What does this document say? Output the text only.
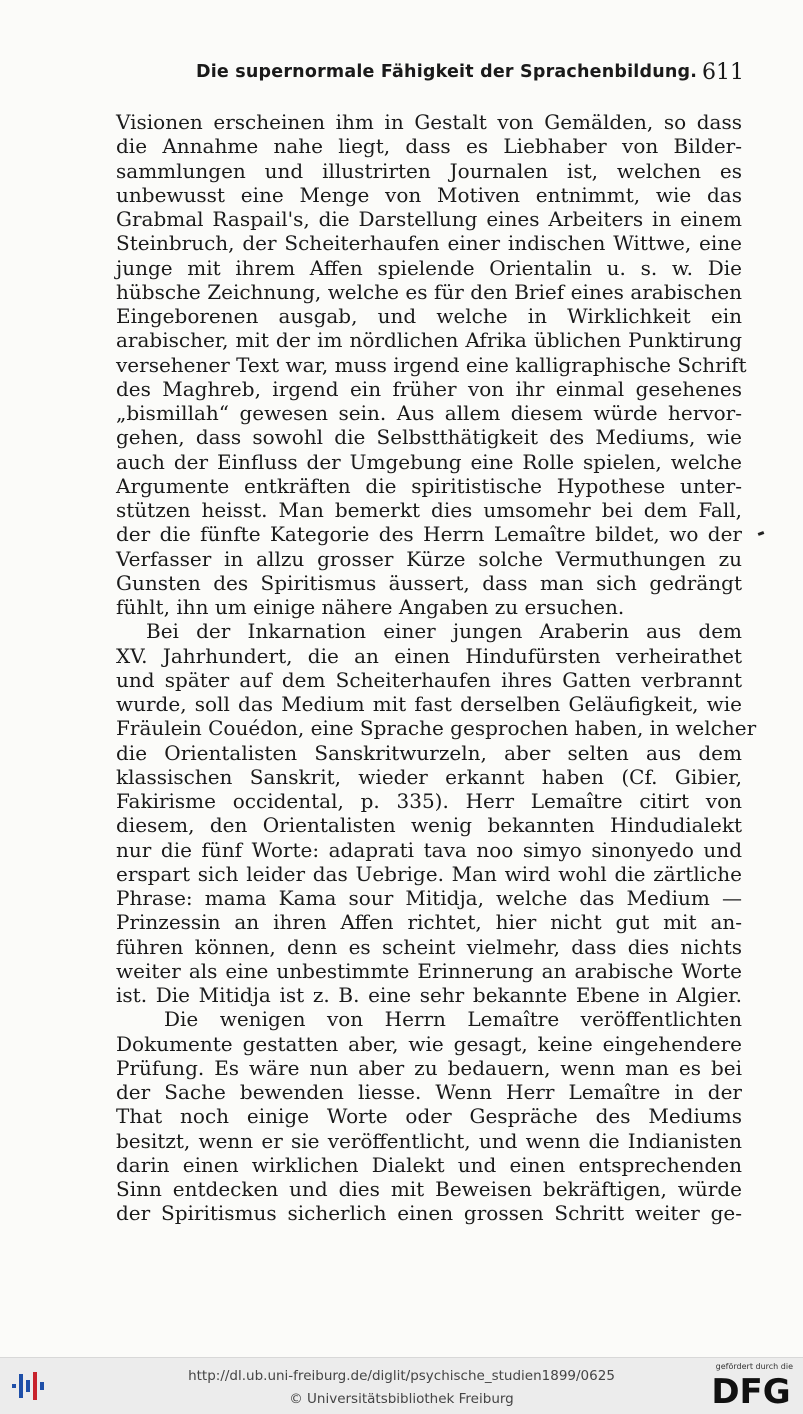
Die supernormale Fähigkeit der Sprachenbildung. 611
Visionen erscheinen ihm in Gestalt von Gemälden, so dass
die Annahme nahe liegt, dass es Liebhaber von Bilder-
sammlungen und illustrirten Journalen ist, welchen es
unbewusst eine Menge von Motiven entnimmt, wie das
Grabmal Raspail's, die Darstellung eines Arbeiters in einem
Steinbruch, der Scheiterhaufen einer indischen Wittwe, eine
junge mit ihrem Affen spielende Orientalin u. s. w. Die
hübsche Zeichnung, welche es für den Brief eines arabischen
Eingeborenen ausgab, und welche in Wirklichkeit ein
arabischer, mit der im nördlichen Afrika üblichen Punktirung
versehener Text war, muss irgend eine kalligraphische Schrift
des Maghreb, irgend ein früher von ihr einmal gesehenes
„bismillah“ gewesen sein. Aus allem diesem würde hervor-
gehen, dass sowohl die Selbstthätigkeit des Mediums, wie
auch der Einfluss der Umgebung eine Rolle spielen, welche
Argumente entkräften die spiritistische Hypothese unter-
stützen heisst. Man bemerkt dies umsomehr bei dem Fall,
der die fünfte Kategorie des Herrn Lemaître bildet, wo der
Verfasser in allzu grosser Kürze solche Vermuthungen zu
Gunsten des Spiritismus äussert, dass man sich gedrängt
fühlt, ihn um einige nähere Angaben zu ersuchen.
Bei der Inkarnation einer jungen Araberin aus dem
XV. Jahrhundert, die an einen Hindufürsten verheirathet
und später auf dem Scheiterhaufen ihres Gatten verbrannt
wurde, soll das Medium mit fast derselben Geläufigkeit, wie
Fräulein Couédon, eine Sprache gesprochen haben, in welcher
die Orientalisten Sanskritwurzeln, aber selten aus dem
klassischen Sanskrit, wieder erkannt haben (Cf. Gibier,
Fakirisme occidental, p. 335). Herr Lemaître citirt von
diesem, den Orientalisten wenig bekannten Hindudialekt
nur die fünf Worte: adaprati tava noo simyo sinonyedo und
erspart sich leider das Uebrige. Man wird wohl die zärtliche
Phrase: mama Kama sour Mitidja, welche das Medium —
Prinzessin an ihren Affen richtet, hier nicht gut mit an-
führen können, denn es scheint vielmehr, dass dies nichts
weiter als eine unbestimmte Erinnerung an arabische Worte
ist. Die Mitidja ist z. B. eine sehr bekannte Ebene in Algier.
Die wenigen von Herrn Lemaître veröffentlichten
Dokumente gestatten aber, wie gesagt, keine eingehendere
Prüfung. Es wäre nun aber zu bedauern, wenn man es bei
der Sache bewenden liesse. Wenn Herr Lemaître in der
That noch einige Worte oder Gespräche des Mediums
besitzt, wenn er sie veröffentlicht, und wenn die Indianisten
darin einen wirklichen Dialekt und einen entsprechenden
Sinn entdecken und dies mit Beweisen bekräftigen, würde
der Spiritismus sicherlich einen grossen Schritt weiter ge-
http://dl.ub.uni-freiburg.de/diglit/psychische_studien1899/0625
© Universitätsbibliothek Freiburg
gefördert durch die
DFG
